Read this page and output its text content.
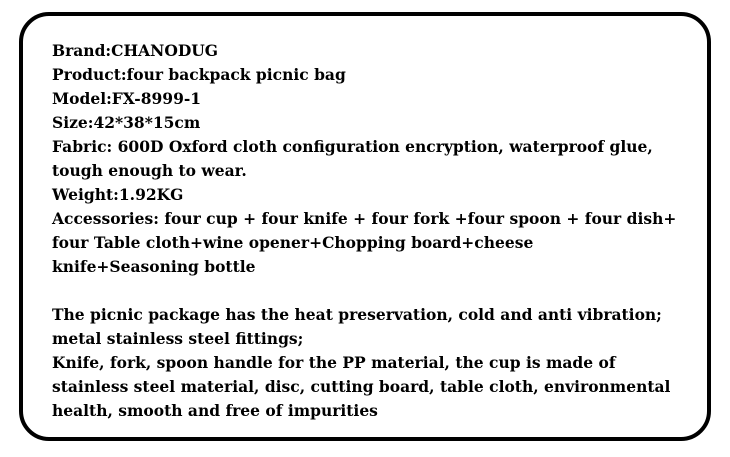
Brand:CHANODUG
Product:four backpack picnic bag
Model:FX-8999-1
Size:42*38*15cm
Fabric: 600D Oxford cloth configuration encryption, waterproof glue,
tough enough to wear.
Weight:1.92KG
Accessories: four cup + four knife + four fork +four spoon + four dish+
four Table cloth+wine opener+Chopping board+cheese
knife+Seasoning bottle
The picnic package has the heat preservation, cold and anti vibration;
metal stainless steel fittings;
Knife, fork, spoon handle for the PP material, the cup is made of
stainless steel material, disc, cutting board, table cloth, environmental
health, smooth and free of impurities
